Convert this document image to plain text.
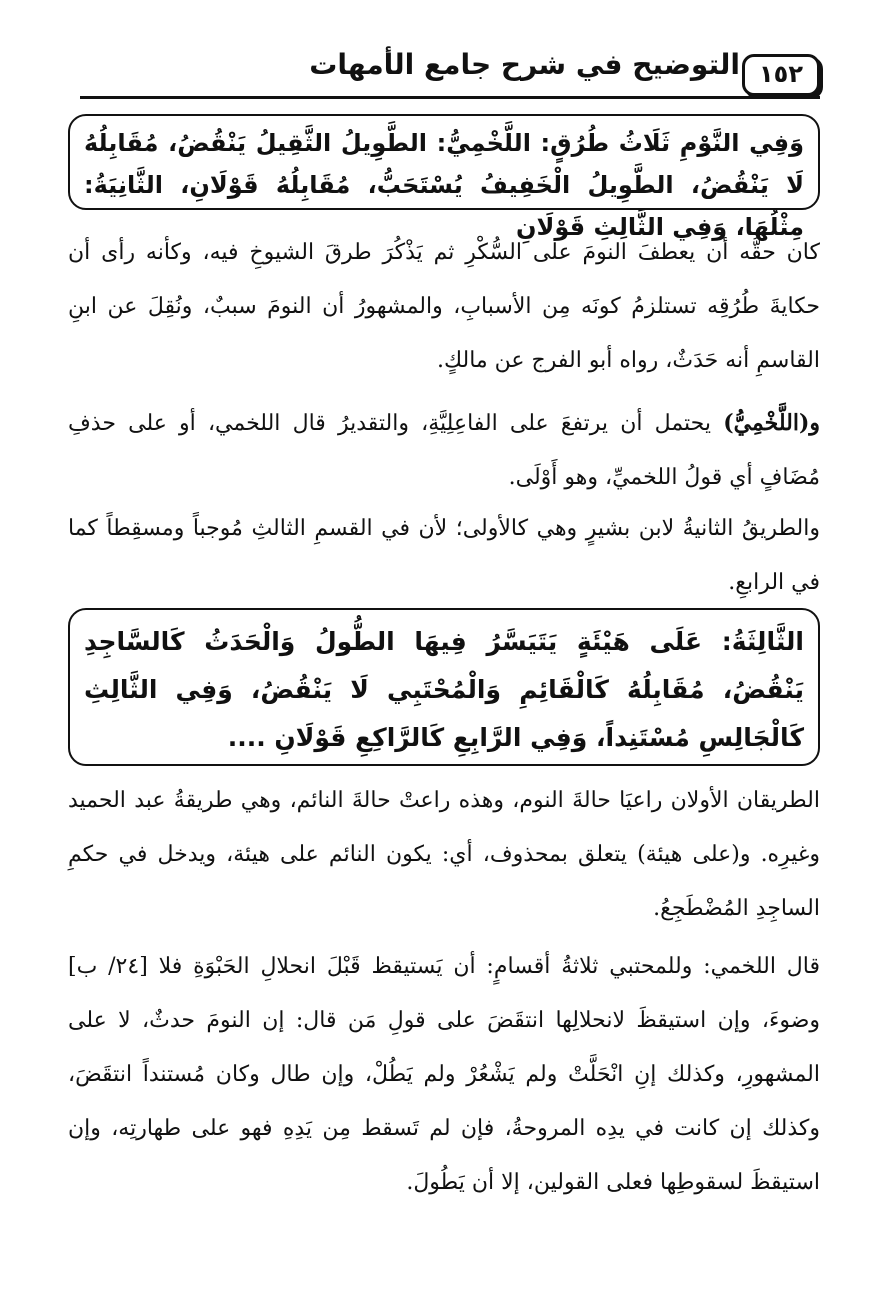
١٥٢
التوضيح في شرح جامع الأمهات
وَفِي النَّوْمِ ثَلَاثُ طُرُقٍ: اللَّخْمِيُّ: الطَّوِيلُ الثَّقِيلُ يَنْقُضُ، مُقَابِلُهُ لَا يَنْقُضُ، الطَّوِيلُ الْخَفِيفُ يُسْتَحَبُّ، مُقَابِلُهُ قَوْلَانِ، الثَّانِيَةُ: مِثْلُهَا، وَفِي الثَّالِثِ قَوْلَانِ
كان حقُّه أن يعطفَ النومَ على السُّكْرِ ثم يَذْكُرَ طرقَ الشيوخِ فيه، وكأنه رأى أن حكايةَ طُرُقِه تستلزمُ كونَه مِن الأسبابِ، والمشهورُ أن النومَ سببٌ، ونُقِلَ عن ابنِ القاسمِ أنه حَدَثٌ، رواه أبو الفرج عن مالكٍ.
و(اللَّخْمِيُّ) يحتمل أن يرتفعَ على الفاعِلِيَّةِ، والتقديرُ قال اللخمي، أو على حذفِ مُضَافٍ أي قولُ اللخميِّ، وهو أَوْلَى.
والطريقُ الثانيةُ لابن بشيرٍ وهي كالأولى؛ لأن في القسمِ الثالثِ مُوجباً ومسقِطاً كما في الرابعِ.
الثَّالِثَةُ: عَلَى هَيْئَةٍ يَتَيَسَّرُ فِيهَا الطُّولُ وَالْحَدَثُ كَالسَّاجِدِ يَنْقُضُ، مُقَابِلُهُ كَالْقَائِمِ وَالْمُحْتَبِي لَا يَنْقُضُ، وَفِي الثَّالِثِ كَالْجَالِسِ مُسْتَنِداً، وَفِي الرَّابِعِ كَالرَّاكِعِ قَوْلَانِ ....
الطريقان الأولان راعيَا حالةَ النوم، وهذه راعتْ حالةَ النائم، وهي طريقةُ عبد الحميد وغيرِه. و(على هيئة) يتعلق بمحذوف، أي: يكون النائم على هيئة، ويدخل في حكمِ الساجِدِ المُضْطَجِعُ.
قال اللخمي: وللمحتبي ثلاثةُ أقسامٍ: أن يَستيقظ قَبْلَ انحلالِ الحَبْوَةِ فلا [٢٤/ ب] وضوءَ، وإن استيقظَ لانحلالِها انتقَضَ على قولِ مَن قال: إن النومَ حدثٌ، لا على المشهورِ، وكذلك إنِ انْحَلَّتْ ولم يَشْعُرْ ولم يَطُلْ، وإن طال وكان مُستنداً انتقَضَ، وكذلك إن كانت في يدِه المروحةُ، فإن لم تَسقط مِن يَدِهِ فهو على طهارتِه، وإن استيقظَ لسقوطِها فعلى القولين، إلا أن يَطُولَ.
